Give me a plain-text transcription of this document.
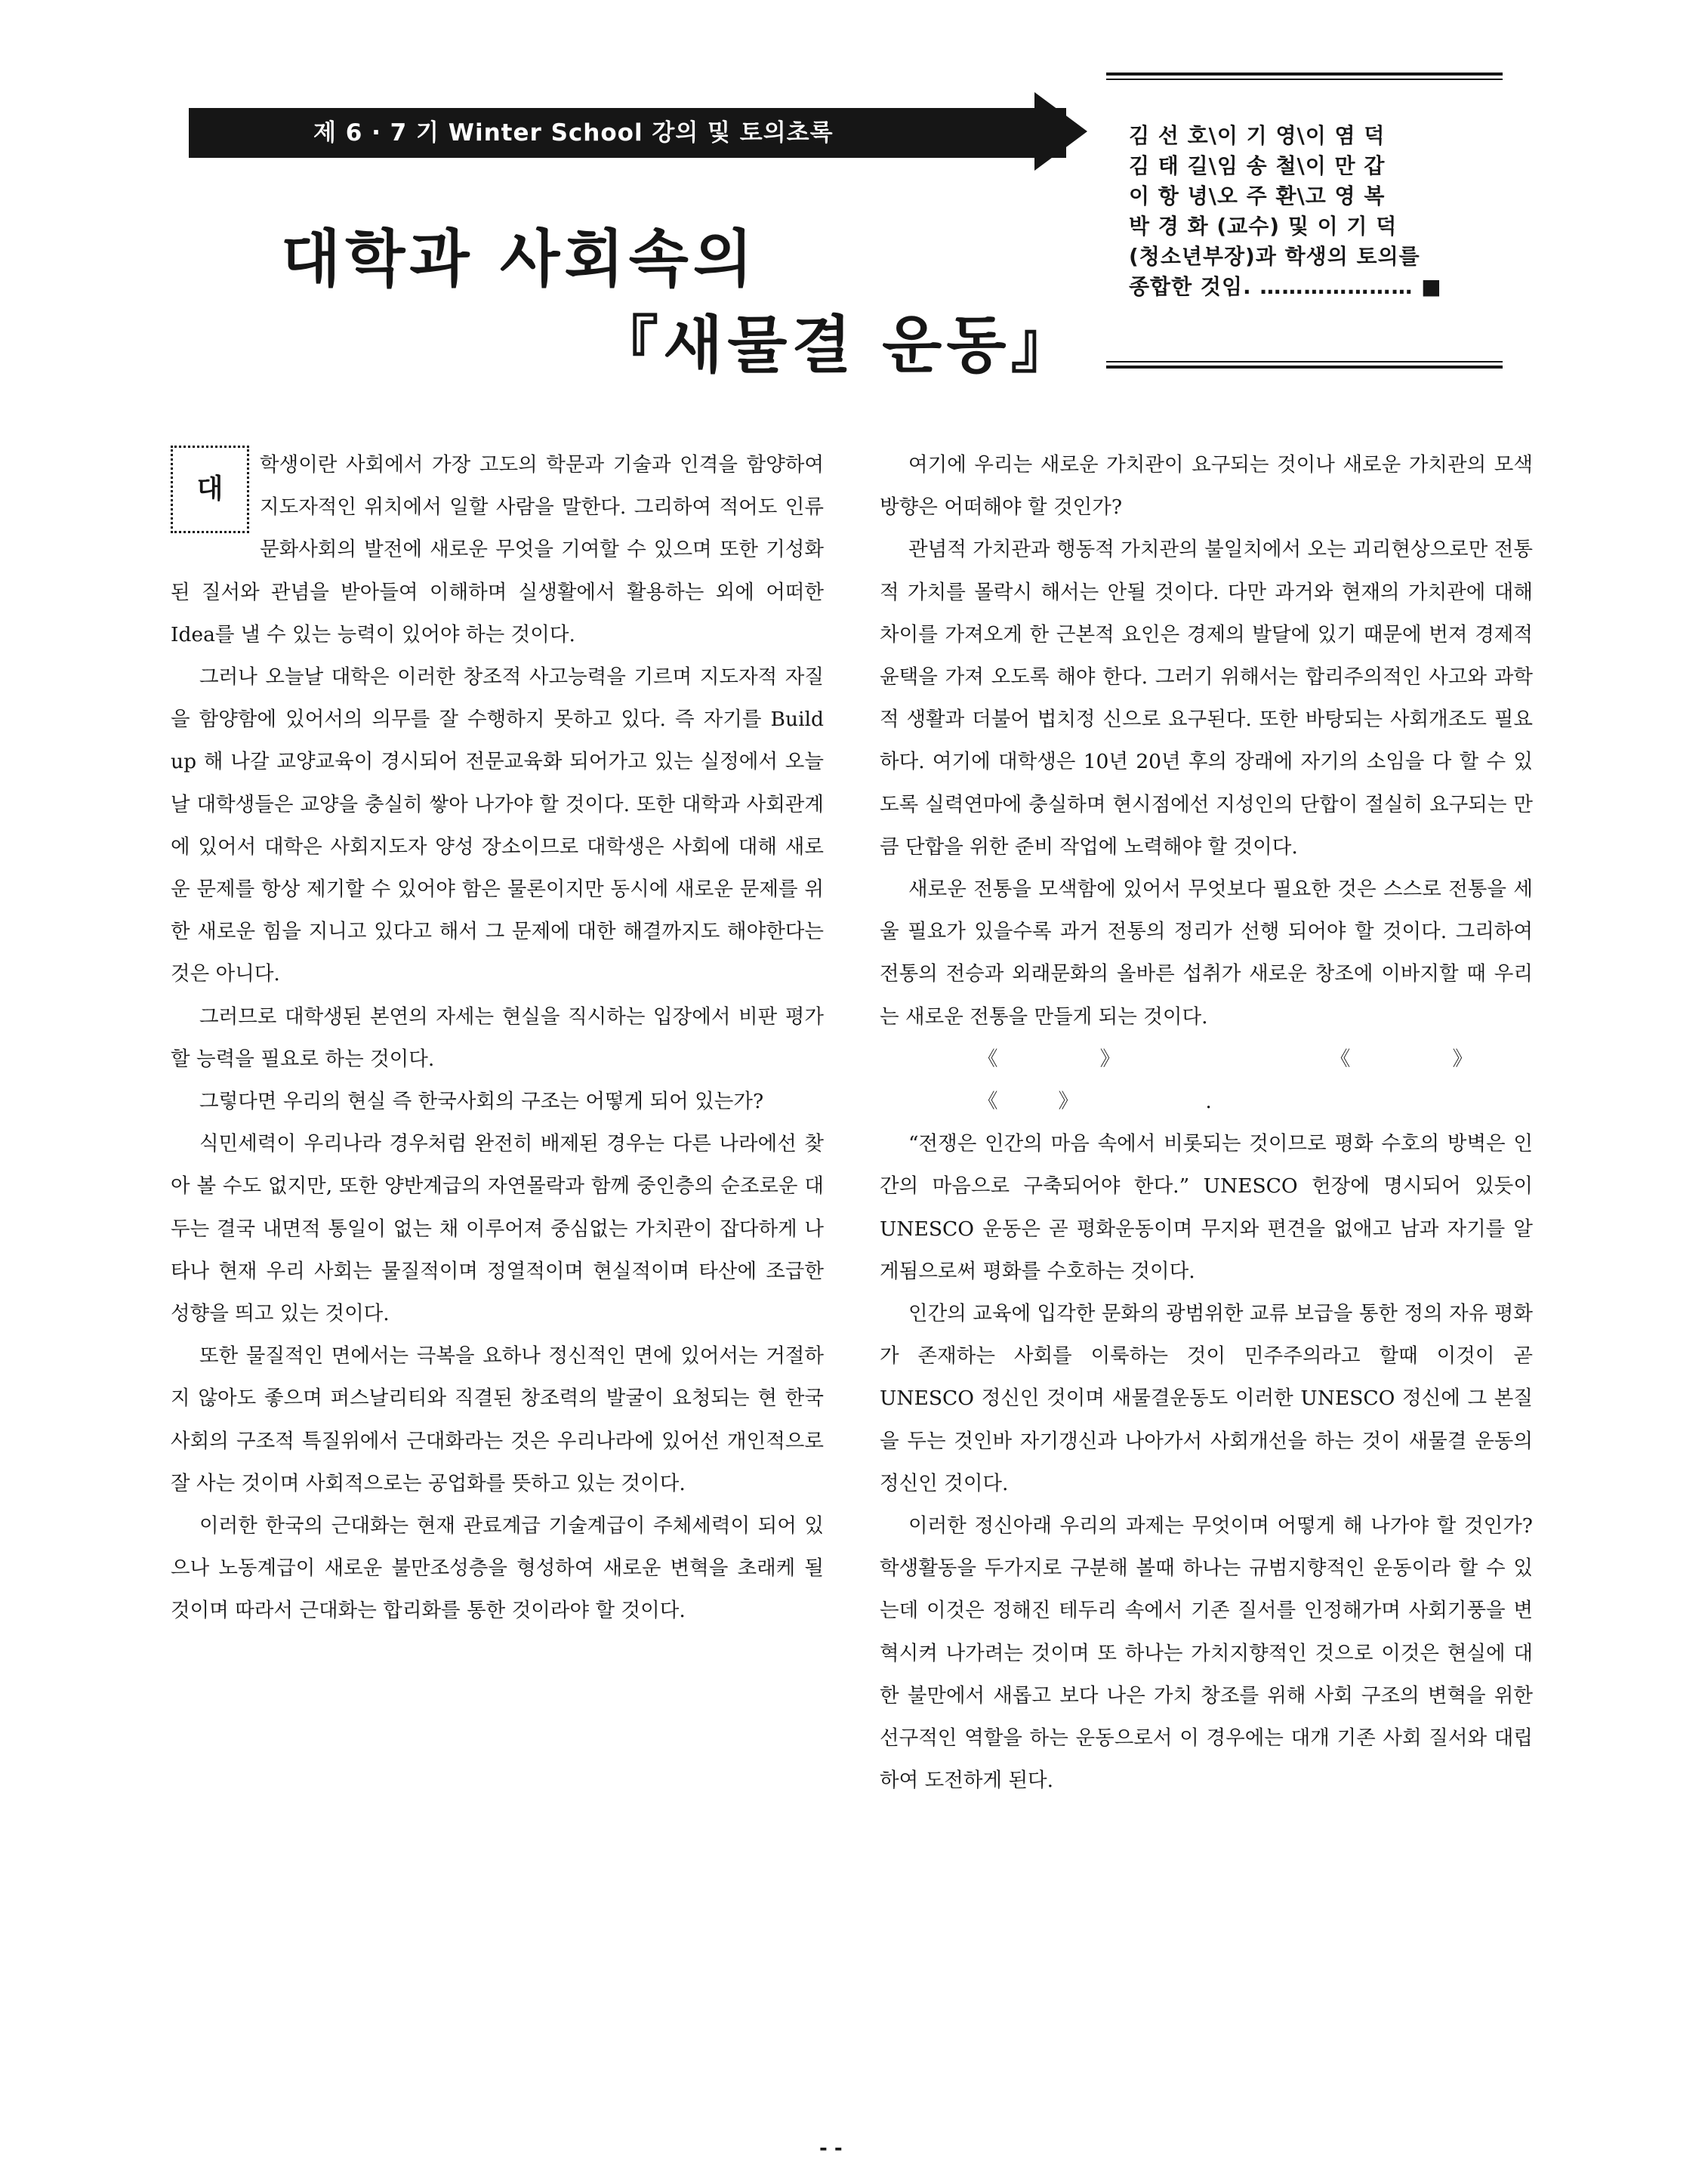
제 6 · 7 기 Winter School 강의 및 토의초록
대학과 사회속의
『새물결 운동』
김 선 호\이 기 영\이 염 덕
김 태 길\임 송 철\이 만 갑
이 항 녕\오 주 환\고 영 복
박 경 화 (교수) 및 이 기 덕
(청소년부장)과 학생의 토의를
종합한 것임. ………………… ■
대

학생이란 사회에서 가장 고도의 학문과 기술과 인격을 함양하여 지도자적인 위치에서 일할 사람을 말한다. 그리하여 적어도 인류문화사회의 발전에 새로운 무엇을 기여할 수 있으며 또한 기성화된 질서와 관념을 받아들여 이해하며 실생활에서 활용하는 외에 어떠한 Idea를 낼 수 있는 능력이 있어야 하는 것이다.

그러나 오늘날 대학은 이러한 창조적 사고능력을 기르며 지도자적 자질을 함양함에 있어서의 의무를 잘 수행하지 못하고 있다. 즉 자기를 Build up 해 나갈 교양교육이 경시되어 전문교육화 되어가고 있는 실정에서 오늘날 대학생들은 교양을 충실히 쌓아 나가야 할 것이다. 또한 대학과 사회관계에 있어서 대학은 사회지도자 양성 장소이므로 대학생은 사회에 대해 새로운 문제를 항상 제기할 수 있어야 함은 물론이지만 동시에 새로운 문제를 위한 새로운 힘을 지니고 있다고 해서 그 문제에 대한 해결까지도 해야한다는 것은 아니다.

그러므로 대학생된 본연의 자세는 현실을 직시하는 입장에서 비판 평가할 능력을 필요로 하는 것이다.

그렇다면 우리의 현실 즉 한국사회의 구조는 어떻게 되어 있는가?

식민세력이 우리나라 경우처럼 완전히 배제된 경우는 다른 나라에선 찾아 볼 수도 없지만, 또한 양반계급의 자연몰락과 함께 중인층의 순조로운 대두는 결국 내면적 통일이 없는 채 이루어져 중심없는 가치관이 잡다하게 나타나 현재 우리 사회는 물질적이며 정열적이며 현실적이며 타산에 조급한 성향을 띄고 있는 것이다.

또한 물질적인 면에서는 극복을 요하나 정신적인 면에 있어서는 거절하지 않아도 좋으며 퍼스날리티와 직결된 창조력의 발굴이 요청되는 현 한국사회의 구조적 특질위에서 근대화라는 것은 우리나라에 있어선 개인적으로 잘 사는 것이며 사회적으로는 공업화를 뜻하고 있는 것이다.

이러한 한국의 근대화는 현재 관료계급 기술계급이 주체세력이 되어 있으나 노동계급이 새로운 불만조성층을 형성하여 새로운 변혁을 초래케 될 것이며 따라서 근대화는 합리화를 통한 것이라야 할 것이다.

여기에 우리는 새로운 가치관이 요구되는 것이나 새로운 가치관의 모색 방향은 어떠해야 할 것인가?

관념적 가치관과 행동적 가치관의 불일치에서 오는 괴리현상으로만 전통적 가치를 몰락시 해서는 안될 것이다. 다만 과거와 현재의 가치관에 대해 차이를 가져오게 한 근본적 요인은 경제의 발달에 있기 때문에 번져 경제적 윤택을 가져 오도록 해야 한다. 그러기 위해서는 합리주의적인 사고와 과학적 생활과 더불어 법치정 신으로 요구된다. 또한 바탕되는 사회개조도 필요하다. 여기에 대학생은 10년 20년 후의 장래에 자기의 소임을 다 할 수 있도록 실력연마에 충실하며 현시점에선 지성인의 단합이 절실히 요구되는 만큼 단합을 위한 준비 작업에 노력해야 할 것이다.

새로운 전통을 모색함에 있어서 무엇보다 필요한 것은 스스로 전통을 세울 필요가 있을수록 과거 전통의 정리가 선행 되어야 할 것이다. 그리하여 전통의 전승과 외래문화의 올바른 섭취가 새로운 창조에 이바지할 때 우리는 새로운 전통을 만들게 되는 것이다.

《》 《》 《》 .

“전쟁은 인간의 마음 속에서 비롯되는 것이므로 평화 수호의 방벽은 인간의 마음으로 구축되어야 한다.” UNESCO 헌장에 명시되어 있듯이 UNESCO 운동은 곧 평화운동이며 무지와 편견을 없애고 남과 자기를 알게됨으로써 평화를 수호하는 것이다.

인간의 교육에 입각한 문화의 광범위한 교류 보급을 통한 정의 자유 평화가 존재하는 사회를 이룩하는 것이 민주주의라고 할때 이것이 곧 UNESCO 정신인 것이며 새물결운동도 이러한 UNESCO 정신에 그 본질을 두는 것인바 자기갱신과 나아가서 사회개선을 하는 것이 새물결 운동의 정신인 것이다.

이러한 정신아래 우리의 과제는 무엇이며 어떻게 해 나가야 할 것인가? 학생활동을 두가지로 구분해 볼때 하나는 규범지향적인 운동이라 할 수 있는데 이것은 정해진 테두리 속에서 기존 질서를 인정해가며 사회기풍을 변혁시켜 나가려는 것이며 또 하나는 가치지향적인 것으로 이것은 현실에 대한 불만에서 새롭고 보다 나은 가치 창조를 위해 사회 구조의 변혁을 위한 선구적인 역할을 하는 운동으로서 이 경우에는 대개 기존 사회 질서와 대립하여 도전하게 된다.

- -
